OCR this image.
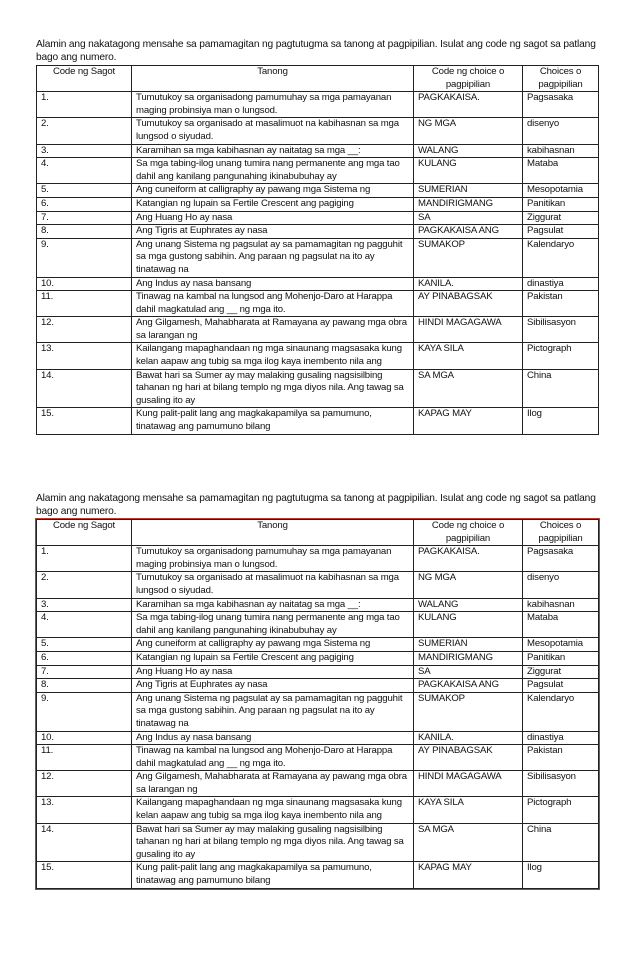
Alamin ang nakatagong mensahe sa pamamagitan ng pagtutugma sa tanong at pagpipilian. Isulat ang code ng sagot sa patlang bago ang numero.

Code ng Sagot	Tanong	Code ng choice o pagpipilian	Choices o pagpipilian
1.	Tumutukoy sa organisadong pamumuhay sa mga pamayanan maging probinsiya man o lungsod.	PAGKAKAISA.	Pagsasaka
2.	Tumutukoy sa organisado at masalimuot na kabihasnan sa mga lungsod o siyudad.	NG MGA	disenyo
3.	Karamihan sa mga kabihasnan ay naitatag sa mga __:	WALANG	kabihasnan
4.	Sa mga tabing-ilog unang tumira nang permanente ang mga tao dahil ang kanilang pangunahing ikinabubuhay ay	KULANG	Mataba
5.	Ang cuneiform at calligraphy ay pawang mga Sistema ng	SUMERIAN	Mesopotamia
6.	Katangian ng lupain sa Fertile Crescent ang pagiging	MANDIRIGMANG	Panitikan
7.	Ang Huang Ho ay nasa	SA	Ziggurat
8.	Ang Tigris at Euphrates ay nasa	PAGKAKAISA ANG	Pagsulat
9.	Ang unang Sistema ng pagsulat ay sa pamamagitan ng pagguhit sa mga gustong sabihin. Ang paraan ng pagsulat na ito ay tinatawag na	SUMAKOP	Kalendaryo
10.	Ang Indus ay nasa bansang	KANILA.	dinastiya
11.	Tinawag na kambal na lungsod ang Mohenjo-Daro at Harappa dahil magkatulad ang __ ng mga ito.	AY PINABAGSAK	Pakistan
12.	Ang Gilgamesh, Mahabharata at Ramayana ay pawang mga obra sa larangan ng	HINDI MAGAGAWA	Sibilisasyon
13.	Kailangang mapaghandaan ng mga sinaunang magsasaka kung kelan aapaw ang tubig sa mga ilog kaya inembento nila ang	KAYA SILA	Pictograph
14.	Bawat hari sa Sumer ay may malaking gusaling nagsisilbing tahanan ng hari at bilang templo ng mga diyos nila. Ang tawag sa gusaling ito ay	SA MGA	China
15.	Kung palit-palit lang ang magkakapamilya sa pamumuno, tinatawag ang pamumuno bilang	KAPAG MAY	Ilog

Alamin ang nakatagong mensahe sa pamamagitan ng pagtutugma sa tanong at pagpipilian. Isulat ang code ng sagot sa patlang bago ang numero.

Code ng Sagot	Tanong	Code ng choice o pagpipilian	Choices o pagpipilian
1.	Tumutukoy sa organisadong pamumuhay sa mga pamayanan maging probinsiya man o lungsod.	PAGKAKAISA.	Pagsasaka
2.	Tumutukoy sa organisado at masalimuot na kabihasnan sa mga lungsod o siyudad.	NG MGA	disenyo
3.	Karamihan sa mga kabihasnan ay naitatag sa mga __:	WALANG	kabihasnan
4.	Sa mga tabing-ilog unang tumira nang permanente ang mga tao dahil ang kanilang pangunahing ikinabubuhay ay	KULANG	Mataba
5.	Ang cuneiform at calligraphy ay pawang mga Sistema ng	SUMERIAN	Mesopotamia
6.	Katangian ng lupain sa Fertile Crescent ang pagiging	MANDIRIGMANG	Panitikan
7.	Ang Huang Ho ay nasa	SA	Ziggurat
8.	Ang Tigris at Euphrates ay nasa	PAGKAKAISA ANG	Pagsulat
9.	Ang unang Sistema ng pagsulat ay sa pamamagitan ng pagguhit sa mga gustong sabihin. Ang paraan ng pagsulat na ito ay tinatawag na	SUMAKOP	Kalendaryo
10.	Ang Indus ay nasa bansang	KANILA.	dinastiya
11.	Tinawag na kambal na lungsod ang Mohenjo-Daro at Harappa dahil magkatulad ang __ ng mga ito.	AY PINABAGSAK	Pakistan
12.	Ang Gilgamesh, Mahabharata at Ramayana ay pawang mga obra sa larangan ng	HINDI MAGAGAWA	Sibilisasyon
13.	Kailangang mapaghandaan ng mga sinaunang magsasaka kung kelan aapaw ang tubig sa mga ilog kaya inembento nila ang	KAYA SILA	Pictograph
14.	Bawat hari sa Sumer ay may malaking gusaling nagsisilbing tahanan ng hari at bilang templo ng mga diyos nila. Ang tawag sa gusaling ito ay	SA MGA	China
15.	Kung palit-palit lang ang magkakapamilya sa pamumuno, tinatawag ang pamumuno bilang	KAPAG MAY	Ilog
